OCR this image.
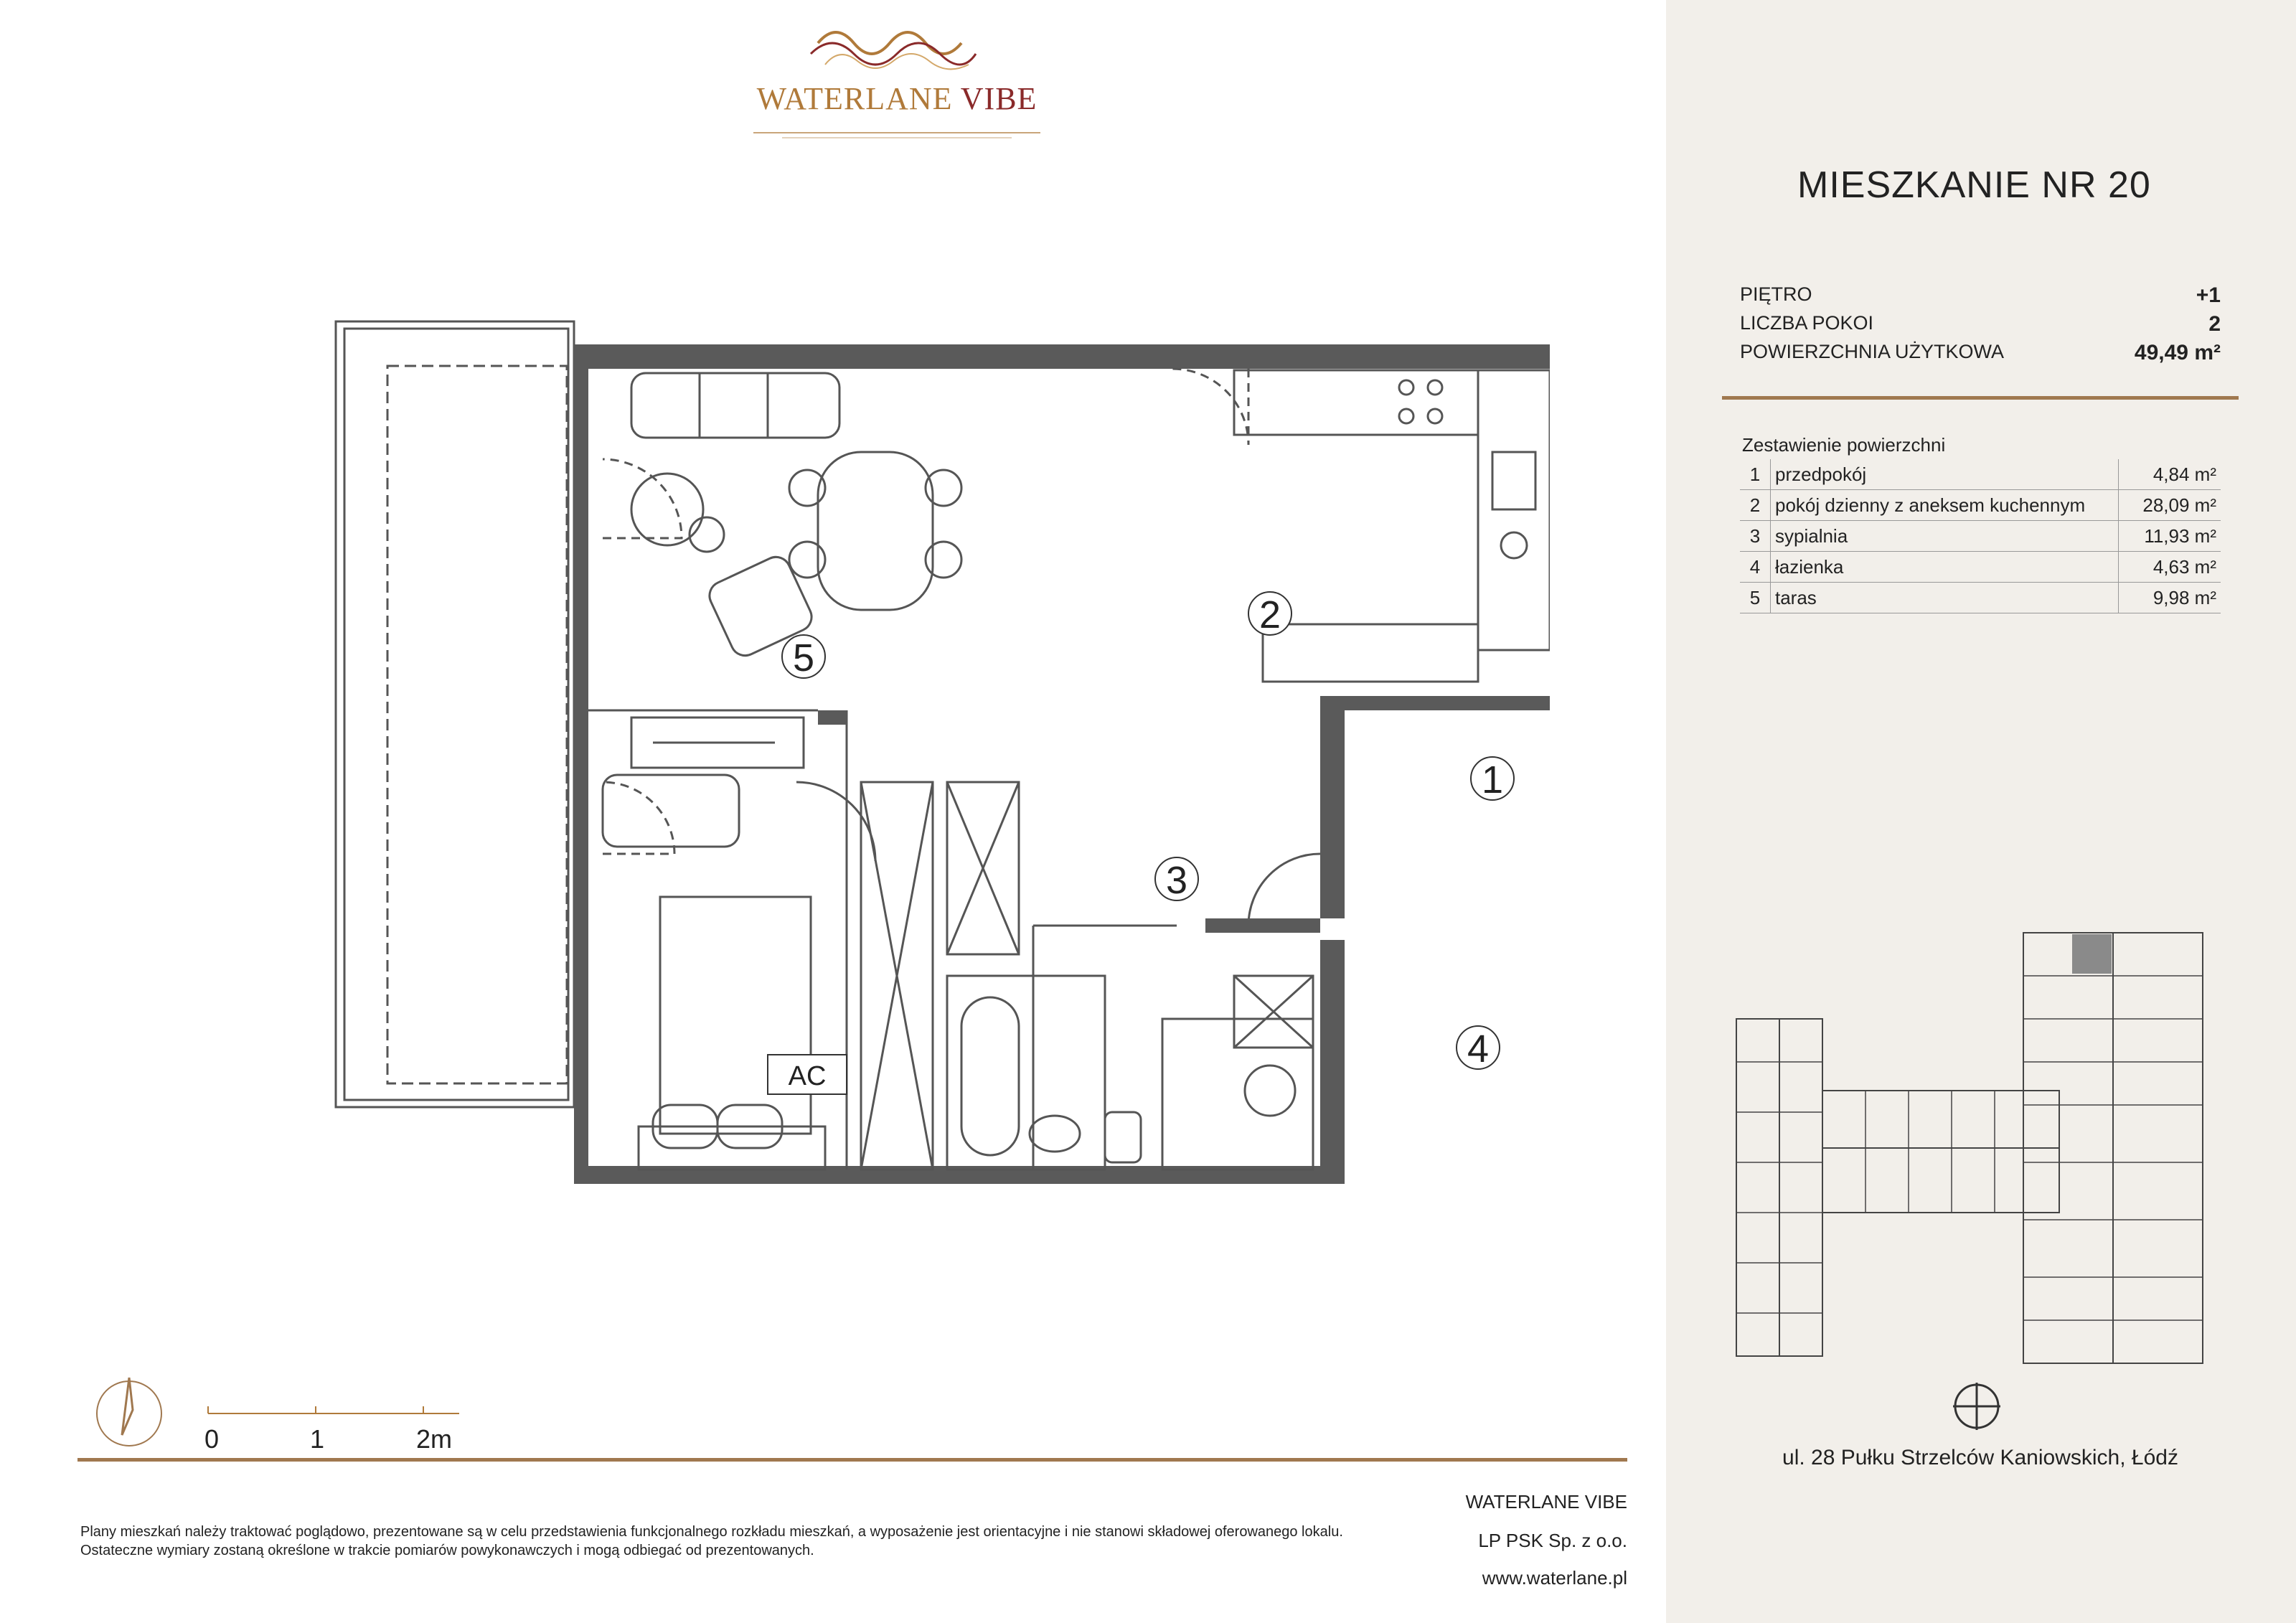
WATERLANE VIBE
MIESZKANIE NR 20
PIĘTRO	+1
LICZBA POKOI	2
POWIERZCHNIA UŻYTKOWA	49,49 m²
Zestawienie powierzchni
1	przedpokój	4,84 m²
2	pokój dzienny z aneksem kuchennym	28,09 m²
3	sypialnia	11,93 m²
4	łazienka	4,63 m²
5	taras	9,98 m²
1
2
3
4
5
AC
ul. 28 Pułku Strzelców Kaniowskich, Łódź
0	1	2m
WATERLANE VIBE
LP PSK Sp. z o.o.
www.waterlane.pl

Plany mieszkań należy traktować poglądowo, prezentowane są w celu przedstawienia funkcjonalnego rozkładu mieszkań, a wyposażenie jest orientacyjne i nie stanowi składowej oferowanego lokalu.

Ostateczne wymiary zostaną określone w trakcie pomiarów powykonawczych i mogą odbiegać od prezentowanych.
